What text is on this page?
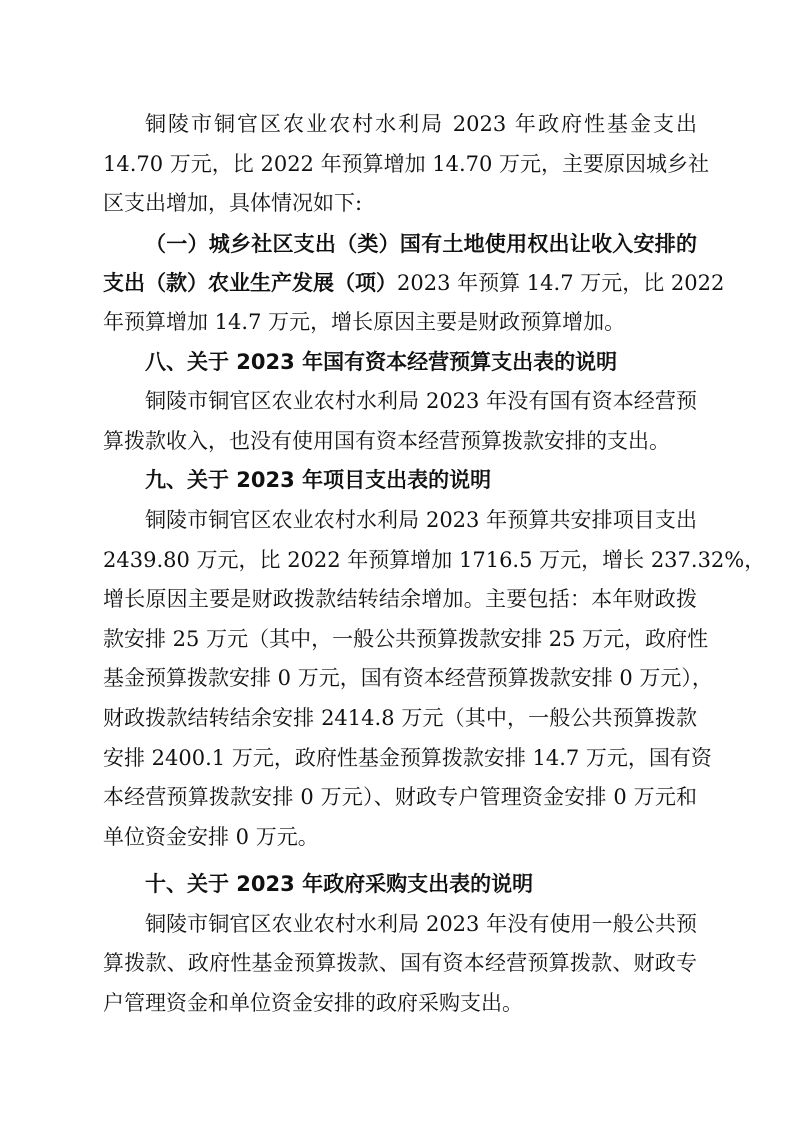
铜陵市铜官区农业农村水利局 2023 年政府性基金支出
14.70 万元，比 2022 年预算增加 14.70 万元，主要原因城乡社
区支出增加，具体情况如下:
（一）城乡社区支出（类）国有土地使用权出让收入安排的
支出（款）农业生产发展（项）2023 年预算 14.7 万元，比 2022
年预算增加 14.7 万元，增长原因主要是财政预算增加。
八、关于 2023 年国有资本经营预算支出表的说明
铜陵市铜官区农业农村水利局 2023 年没有国有资本经营预
算拨款收入，也没有使用国有资本经营预算拨款安排的支出。
九、关于 2023 年项目支出表的说明
铜陵市铜官区农业农村水利局 2023 年预算共安排项目支出
2439.80 万元，比 2022 年预算增加 1716.5 万元，增长 237.32%，
增长原因主要是财政拨款结转结余增加。主要包括：本年财政拨
款安排 25 万元（其中，一般公共预算拨款安排 25 万元，政府性
基金预算拨款安排 0 万元，国有资本经营预算拨款安排 0 万元），
财政拨款结转结余安排 2414.8 万元（其中，一般公共预算拨款
安排 2400.1 万元，政府性基金预算拨款安排 14.7 万元，国有资
本经营预算拨款安排 0 万元）、财政专户管理资金安排 0 万元和
单位资金安排 0 万元。
十、关于 2023 年政府采购支出表的说明
铜陵市铜官区农业农村水利局 2023 年没有使用一般公共预
算拨款、政府性基金预算拨款、国有资本经营预算拨款、财政专
户管理资金和单位资金安排的政府采购支出。
